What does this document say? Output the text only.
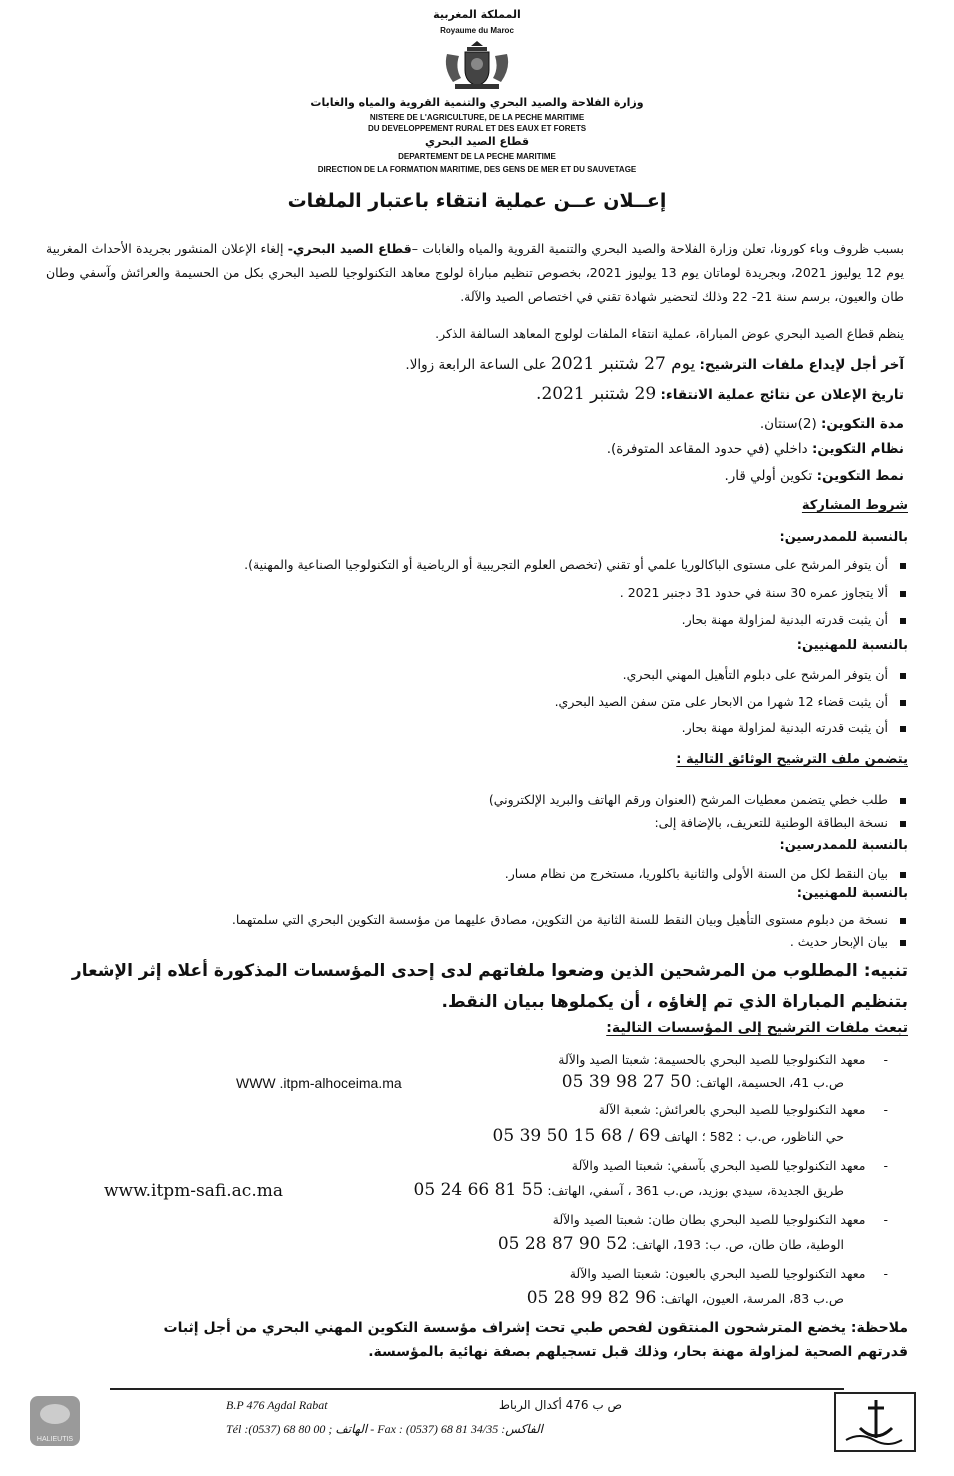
المملكة المغربية
Royaume du Maroc
وزارة الفلاحة والصيد البحري والتنمية القروية والمياه والغابات
NISTERE DE L'AGRICULTURE, DE LA PECHE MARITIME
DU DEVELOPPEMENT RURAL ET DES EAUX ET FORETS
قطاع الصيد البحري
DEPARTEMENT DE LA PECHE MARITIME
DIRECTION DE LA FORMATION MARITIME, DES GENS DE MER ET DU SAUVETAGE
إعــلان عــن عملية انتقاء باعتبار الملفات
بسبب ظروف وباء كورونا، تعلن وزارة الفلاحة والصيد البحري والتنمية القروية والمياه والغابات –قطاع الصيد البحري- إلغاء الإعلان المنشور بجريدة الأحداث المغربية يوم 12 يوليوز 2021، وبجريدة لوماتان يوم 13 يوليوز 2021، بخصوص تنظيم مباراة لولوج معاهد التكنولوجيا للصيد البحري بكل من الحسيمة والعرائش وآسفي وطان طان والعيون، برسم سنة 21- 22 وذلك لتحضير شهادة تقني في اختصاص الصيد والآلة.
ينظم قطاع الصيد البحري عوض المباراة، عملية انتقاء الملفات لولوج المعاهد السالفة الذكر.
آخر أجل لإيداع ملفات الترشيح: يوم 27 شتنبر 2021 على الساعة الرابعة زوالا.
تاريخ الإعلان عن نتائج عملية الانتقاء: 29 شتنبر 2021.
مدة التكوين: (2)سنتان.
نظام التكوين: داخلي (في حدود المقاعد المتوفرة).
نمط التكوين: تكوين أولي قار.
شروط المشاركة
بالنسبة للممدرسين:
أن يتوفر المرشح على مستوى الباكالوريا علمي أو تقني (تخصص العلوم التجريبية أو الرياضية أو التكنولوجيا الصناعية والمهنية).
ألا يتجاوز عمره 30 سنة في حدود 31 دجنبر 2021 .
أن يثبت قدرته البدنية لمزاولة مهنة بحار.
بالنسبة للمهنيين:
أن يتوفر المرشح على دبلوم التأهيل المهني البحري.
أن يثبت قضاء 12 شهرا من الابحار على متن سفن الصيد البحري.
أن يثبت قدرته البدنية لمزاولة مهنة بحار.
يتضمن ملف الترشيح الوثائق التالية :
طلب خطي يتضمن معطيات المرشح (العنوان ورقم الهاتف والبريد الإلكتروني)
نسخة البطاقة الوطنية للتعريف، بالإضافة إلى:
بالنسبة للممدرسين:
بيان النقط لكل من السنة الأولى والثانية باكلوريا، مستخرج من نظام مسار.
بالنسبة للمهنيين:
نسخة من دبلوم مستوى التأهيل وبيان النقط للسنة الثانية من التكوين، مصادق عليهما من مؤسسة التكوين البحري التي سلمتهما.
بيان الإبحار حديث .
تنبيه: المطلوب من المرشحين الذين وضعوا ملفاتهم لدى إحدى المؤسسات المذكورة أعلاه إثر الإشعار بتنظيم المباراة الذي تم إلغاؤه ، أن يكملوها ببيان النقط.
تبعث ملفات الترشيح إلى المؤسسات التالية:
-معهد التكنولوجيا للصيد البحري بالحسيمة: شعبتا الصيد والآلة
ص.ب 41، الحسيمة، الهاتف: 05 39 98 27 50
WWW .itpm-alhoceima.ma
-معهد التكنولوجيا للصيد البحري بالعرائش: شعبة الآلة
حي الناظور، ص.ب : 582 ؛ الهاتف 05 39 50 15 68 / 69
-معهد التكنولوجيا للصيد البحري بآسفي: شعبتا الصيد والآلة
طريق الجديدة، سيدي بوزيد، ص.ب 361 ، آسفي، الهاتف: 05 24 66 81 55
www.itpm-safi.ac.ma
-معهد التكنولوجيا للصيد البحري بطان طان: شعبتا الصيد والآلة
الوطية، طان طان، ص. ب: 193، الهاتف: 05 28 87 90 52
-معهد التكنولوجيا للصيد البحري بالعيون: شعبتا الصيد والآلة
ص.ب 83، المرسة، العيون، الهاتف: 05 28 99 82 96
ملاحظة: يخضع المترشحون المنتقون لفحص طبي تحت إشراف مؤسسة التكوين المهني البحري من أجل إثبات قدرتهم الصحية لمزاولة مهنة بحار، وذلك قبل تسجيلهم بصفة نهائية بالمؤسسة.
HALIEUTIS
B.P 476 Agdal Rabat	ص ب 476 أكدال الرباط
Tél :(0537) 68 80 00 ; الهاتف - Fax : (0537) 68 81 34/35 :الفاكس
